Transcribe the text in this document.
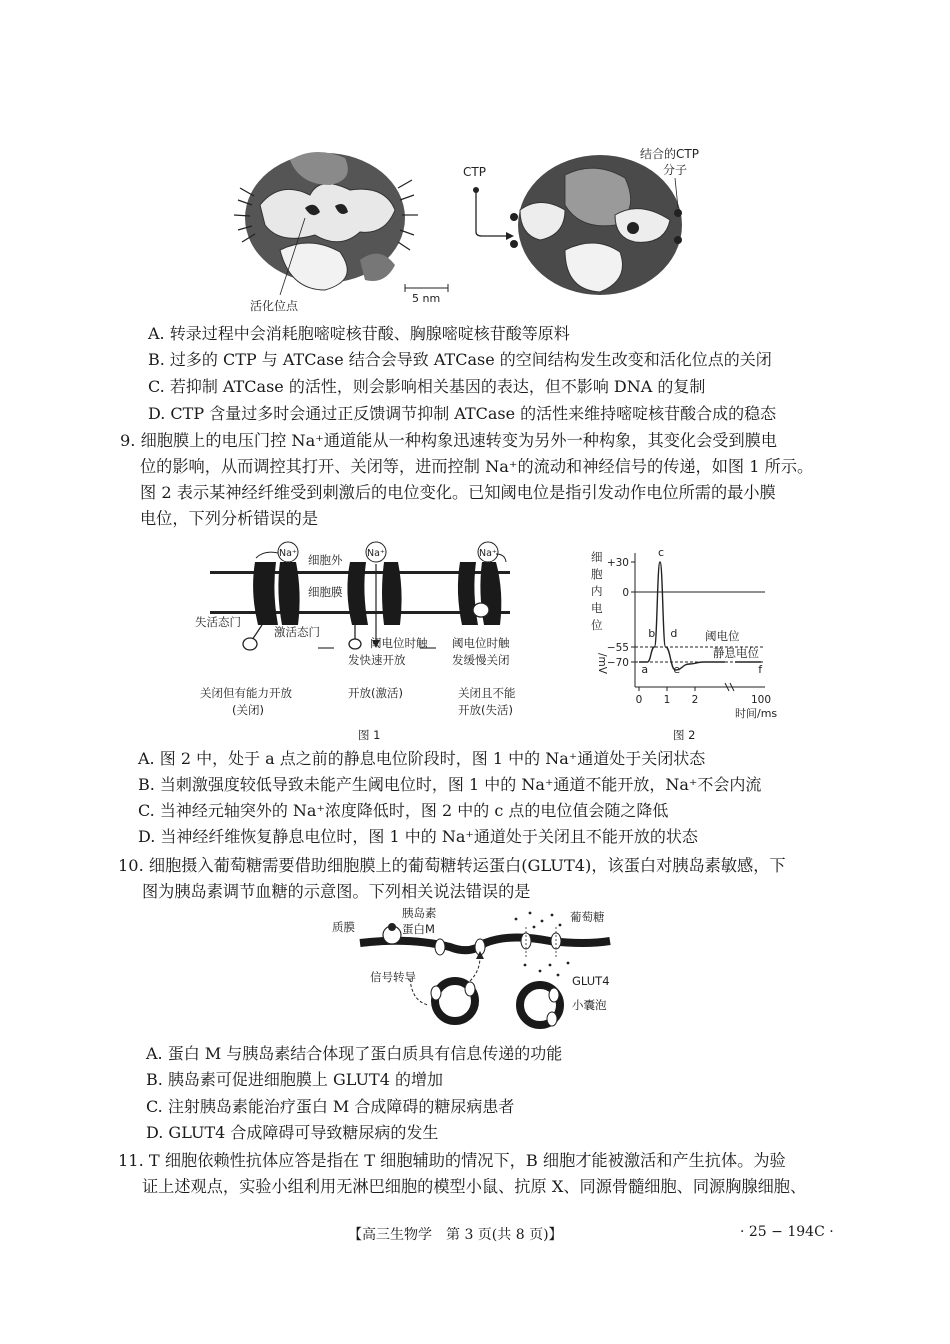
活化位点
5 nm
CTP
结合的CTP
分子
A. 转录过程中会消耗胞嘧啶核苷酸、胸腺嘧啶核苷酸等原料
B. 过多的 CTP 与 ATCase 结合会导致 ATCase 的空间结构发生改变和活化位点的关闭
C. 若抑制 ATCase 的活性，则会影响相关基因的表达，但不影响 DNA 的复制
D. CTP 含量过多时会通过正反馈调节抑制 ATCase 的活性来维持嘧啶核苷酸合成的稳态
9. 细胞膜上的电压门控 Na⁺通道能从一种构象迅速转变为另外一种构象，其变化会受到膜电
位的影响，从而调控其打开、关闭等，进而控制 Na⁺的流动和神经信号的传递，如图 1 所示。
图 2 表示某神经纤维受到刺激后的电位变化。已知阈电位是指引发动作电位所需的最小膜
电位，下列分析错误的是
Na⁺	Na⁺	Na⁺
细胞外
细胞膜
失活态门
激活态门
阈电位时触
发快速开放
阈电位时触
发缓慢关闭
关闭但有能力开放
(关闭)
开放(激活)	关闭且不能
开放(失活)
图 1
细
胞
内
电
位
/mV
+30
0
−55
−70
0 1 2	100
a
b
c
d
e	f
阈电位
静息电位
时间/ms
图 2
A. 图 2 中，处于 a 点之前的静息电位阶段时，图 1 中的 Na⁺通道处于关闭状态
B. 当刺激强度较低导致未能产生阈电位时，图 1 中的 Na⁺通道不能开放，Na⁺不会内流
C. 当神经元轴突外的 Na⁺浓度降低时，图 2 中的 c 点的电位值会随之降低
D. 当神经纤维恢复静息电位时，图 1 中的 Na⁺通道处于关闭且不能开放的状态
10. 细胞摄入葡萄糖需要借助细胞膜上的葡萄糖转运蛋白(GLUT4)，该蛋白对胰岛素敏感，下
图为胰岛素调节血糖的示意图。下列相关说法错误的是
质膜
胰岛素
蛋白M
葡萄糖
信号转导	GLUT4
小囊泡
A. 蛋白 M 与胰岛素结合体现了蛋白质具有信息传递的功能
B. 胰岛素可促进细胞膜上 GLUT4 的增加
C. 注射胰岛素能治疗蛋白 M 合成障碍的糖尿病患者
D. GLUT4 合成障碍可导致糖尿病的发生
11. T 细胞依赖性抗体应答是指在 T 细胞辅助的情况下，B 细胞才能被激活和产生抗体。为验
证上述观点，实验小组利用无淋巴细胞的模型小鼠、抗原 X、同源骨髓细胞、同源胸腺细胞、
【高三生物学　第 3 页(共 8 页)】	· 25 − 194C ·
